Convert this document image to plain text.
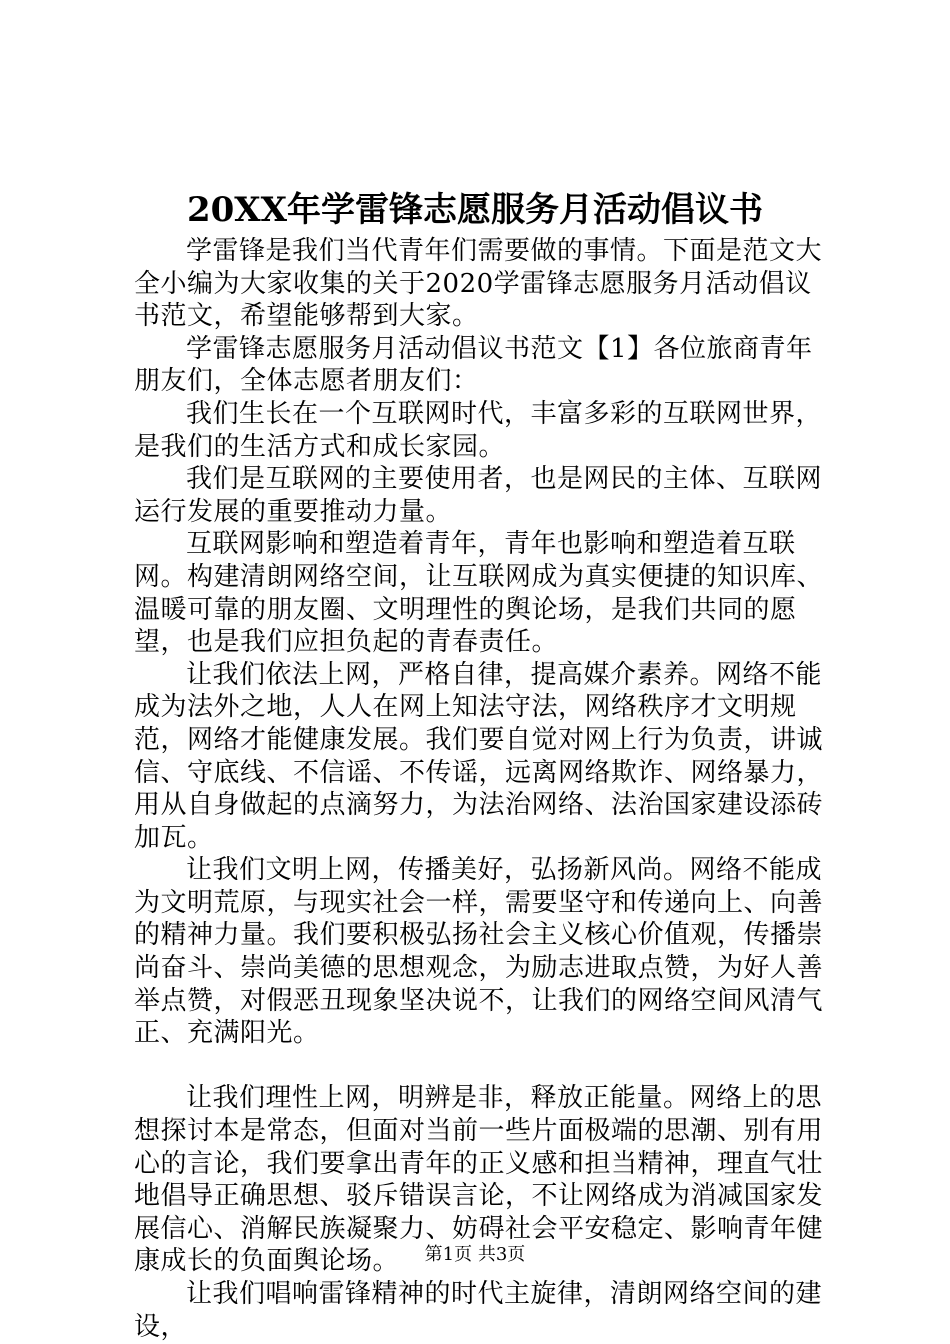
20XX年学雷锋志愿服务月活动倡议书

学雷锋是我们当代青年们需要做的事情。下面是范文大全小编为大家收集的关于2020学雷锋志愿服务月活动倡议书范文，希望能够帮到大家。

学雷锋志愿服务月活动倡议书范文【1】各位旅商青年朋友们，全体志愿者朋友们：

我们生长在一个互联网时代，丰富多彩的互联网世界，是我们的生活方式和成长家园。

我们是互联网的主要使用者，也是网民的主体、互联网运行发展的重要推动力量。

互联网影响和塑造着青年，青年也影响和塑造着互联网。构建清朗网络空间，让互联网成为真实便捷的知识库、温暖可靠的朋友圈、文明理性的舆论场，是我们共同的愿望，也是我们应担负起的青春责任。

让我们依法上网，严格自律，提高媒介素养。网络不能成为法外之地，人人在网上知法守法，网络秩序才文明规范，网络才能健康发展。我们要自觉对网上行为负责，讲诚信、守底线、不信谣、不传谣，远离网络欺诈、网络暴力，用从自身做起的点滴努力，为法治网络、法治国家建设添砖加瓦。

让我们文明上网，传播美好，弘扬新风尚。网络不能成为文明荒原，与现实社会一样，需要坚守和传递向上、向善的精神力量。我们要积极弘扬社会主义核心价值观，传播崇尚奋斗、崇尚美德的思想观念，为励志进取点赞，为好人善举点赞，对假恶丑现象坚决说不，让我们的网络空间风清气正、充满阳光。

让我们理性上网，明辨是非，释放正能量。网络上的思想探讨本是常态，但面对当前一些片面极端的思潮、别有用心的言论，我们要拿出青年的正义感和担当精神，理直气壮地倡导正确思想、驳斥错误言论，不让网络成为消减国家发展信心、消解民族凝聚力、妨碍社会平安稳定、影响青年健康成长的负面舆论场。

让我们唱响雷锋精神的时代主旋律，清朗网络空间的建设，

第1页 共3页
